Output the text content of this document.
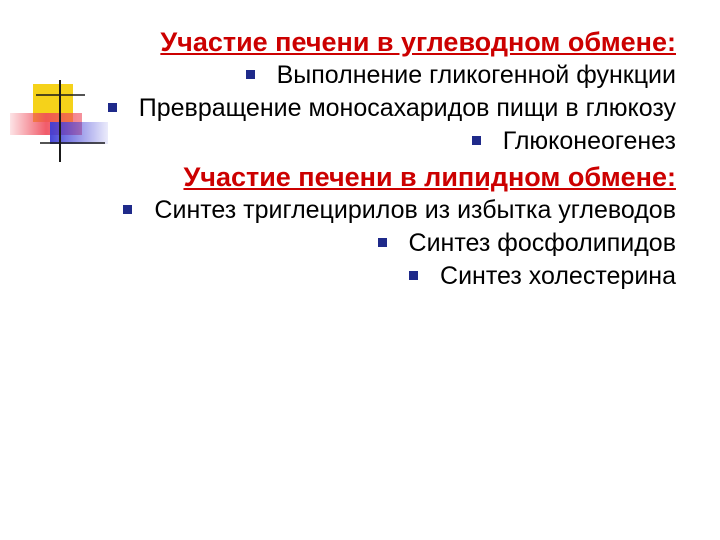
Участие печени в углеводном обмене:

Выполнение гликогенной функции

Превращение моносахаридов пищи в глюкозу

Глюконеогенез

Участие печени в липидном обмене:

Синтез триглецирилов из избытка углеводов

Синтез фосфолипидов

Синтез холестерина
